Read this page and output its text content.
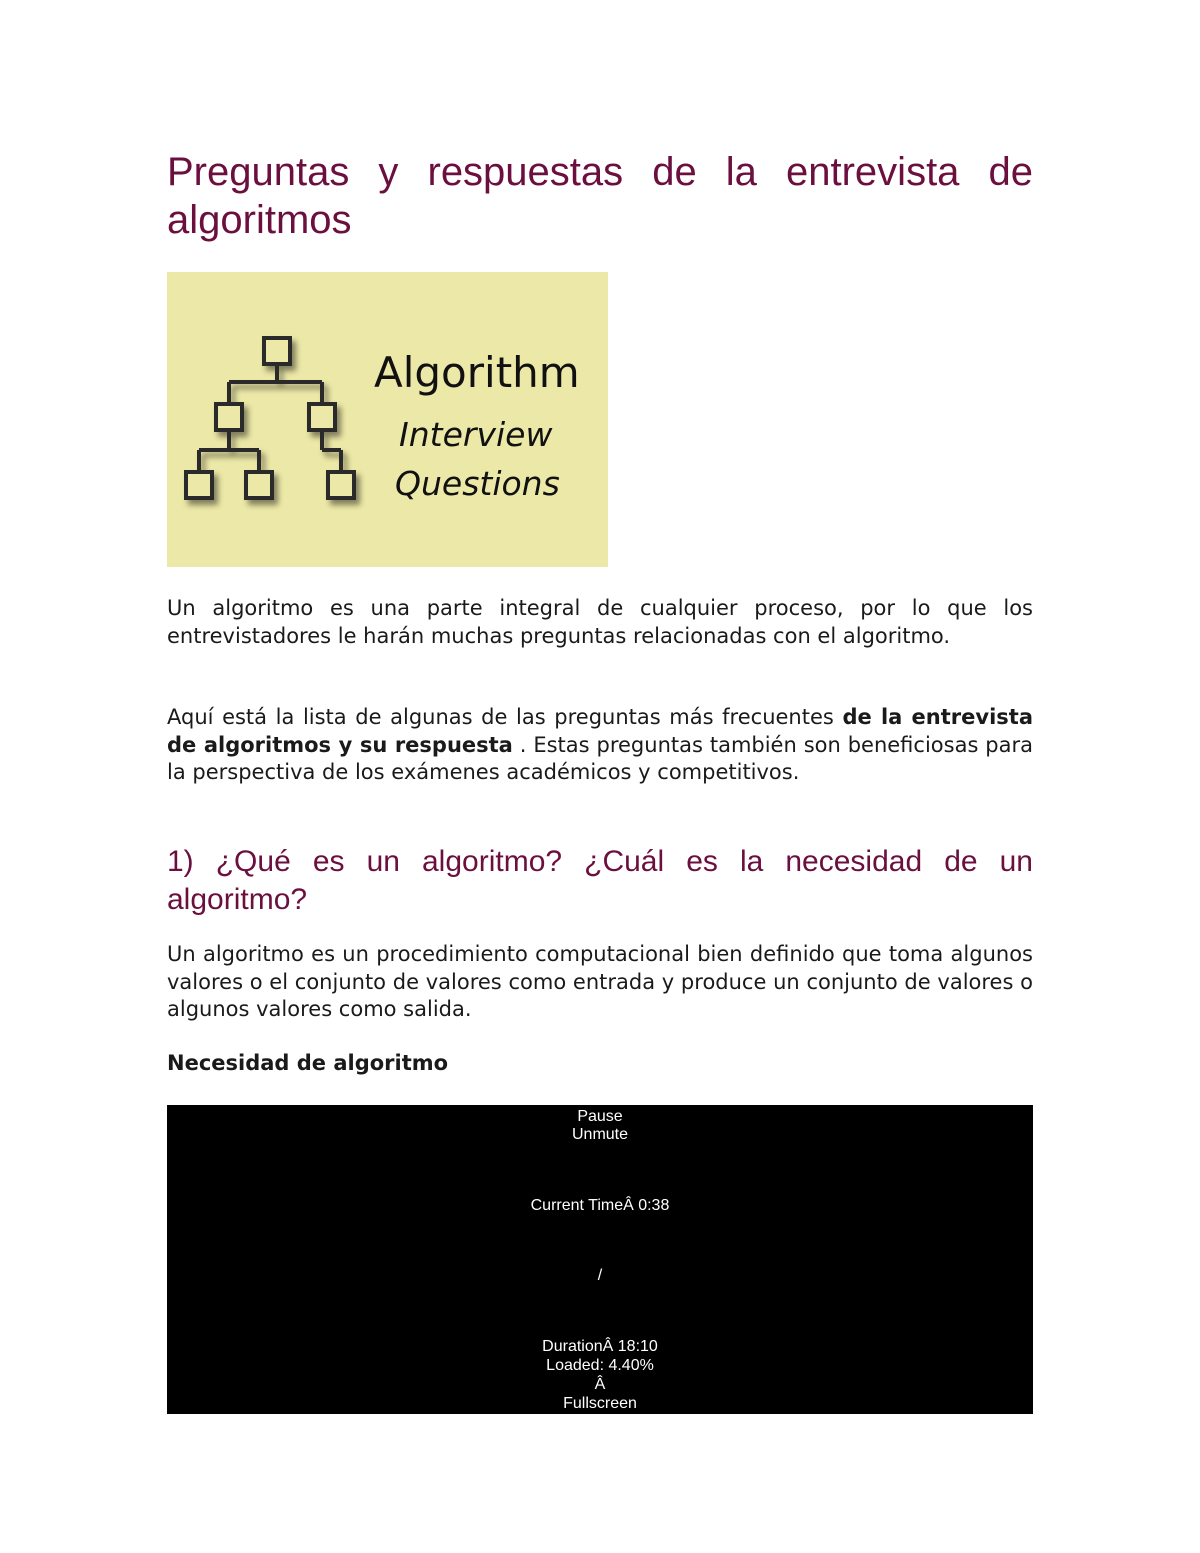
Preguntas y respuestas de la entrevista de algoritmos
Algorithm
Interview
Questions

Un algoritmo es una parte integral de cualquier proceso, por lo que los entrevistadores le harán muchas preguntas relacionadas con el algoritmo.

Aquí está la lista de algunas de las preguntas más frecuentes de la entrevista de algoritmos y su respuesta . Estas preguntas también son beneficiosas para la perspectiva de los exámenes académicos y competitivos.

1) ¿Qué es un algoritmo? ¿Cuál es la necesidad de un algoritmo?

Un algoritmo es un procedimiento computacional bien definido que toma algunos valores o el conjunto de valores como entrada y produce un conjunto de valores o algunos valores como salida.

Necesidad de algoritmo
Pause
Unmute
Current TimeÂ 0:38
/
DurationÂ 18:10
Loaded: 4.40%
Â
Fullscreen
